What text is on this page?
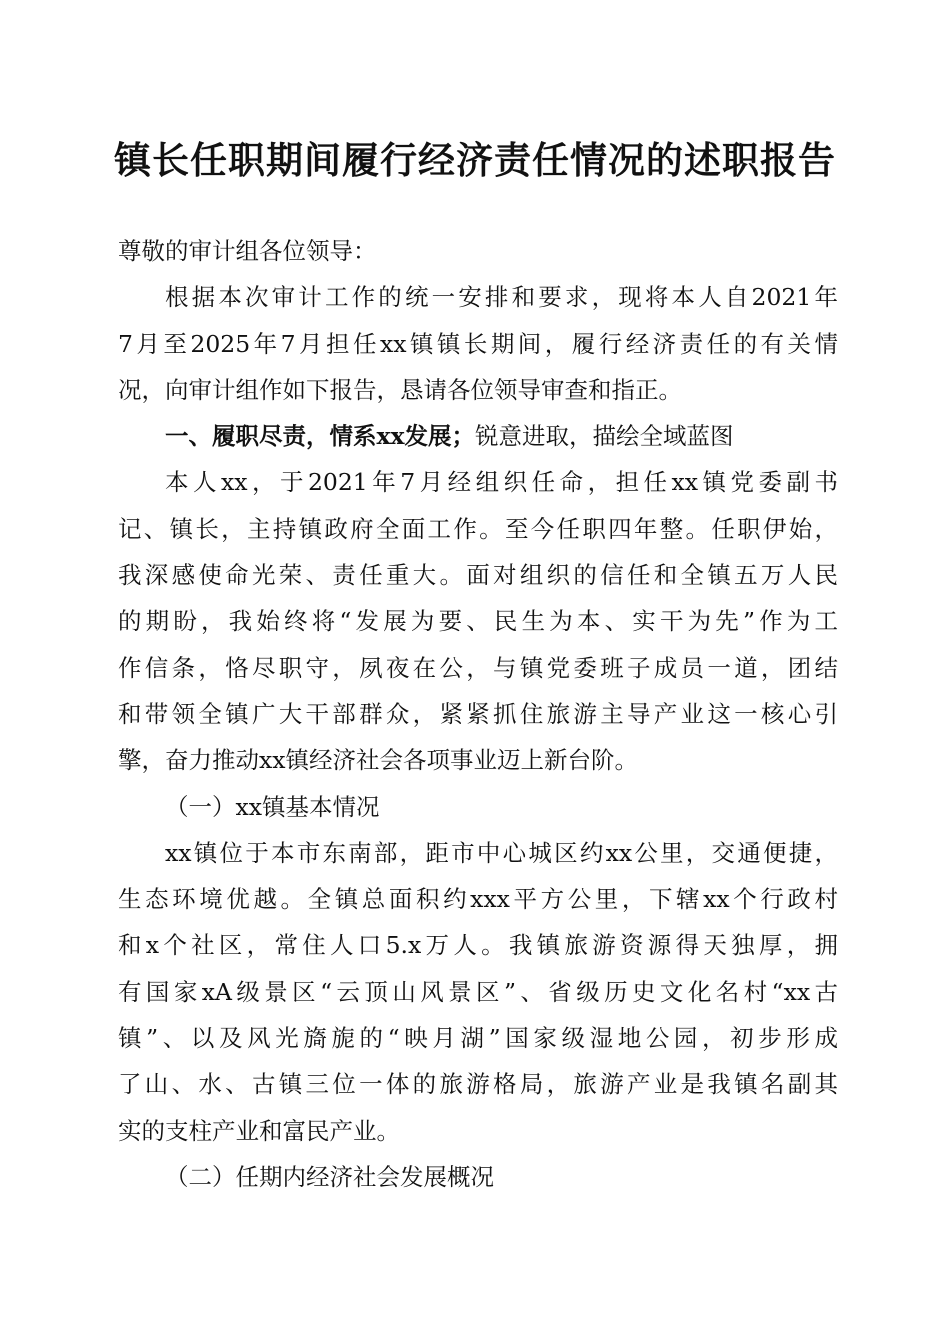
镇长任职期间履行经济责任情况的述职报告
尊敬的审计组各位领导：
根据本次审计工作的统一安排和要求，现将本人自2021年
7月至2025年7月担任xx镇镇长期间，履行经济责任的有关情
况，向审计组作如下报告，恳请各位领导审查和指正。
一、履职尽责，情系xx发展；锐意进取，描绘全域蓝图
本人xx，于2021年7月经组织任命，担任xx镇党委副书
记、镇长，主持镇政府全面工作。至今任职四年整。任职伊始，
我深感使命光荣、责任重大。面对组织的信任和全镇五万人民
的期盼，我始终将“发展为要、民生为本、实干为先”作为工
作信条，恪尽职守，夙夜在公，与镇党委班子成员一道，团结
和带领全镇广大干部群众，紧紧抓住旅游主导产业这一核心引
擎，奋力推动xx镇经济社会各项事业迈上新台阶。
（一）xx镇基本情况
xx镇位于本市东南部，距市中心城区约xx公里，交通便捷，
生态环境优越。全镇总面积约xxx平方公里，下辖xx个行政村
和x个社区，常住人口5.x万人。我镇旅游资源得天独厚，拥
有国家xA级景区“云顶山风景区”、省级历史文化名村“xx古
镇”、以及风光旖旎的“映月湖”国家级湿地公园，初步形成
了山、水、古镇三位一体的旅游格局，旅游产业是我镇名副其
实的支柱产业和富民产业。
（二）任期内经济社会发展概况
